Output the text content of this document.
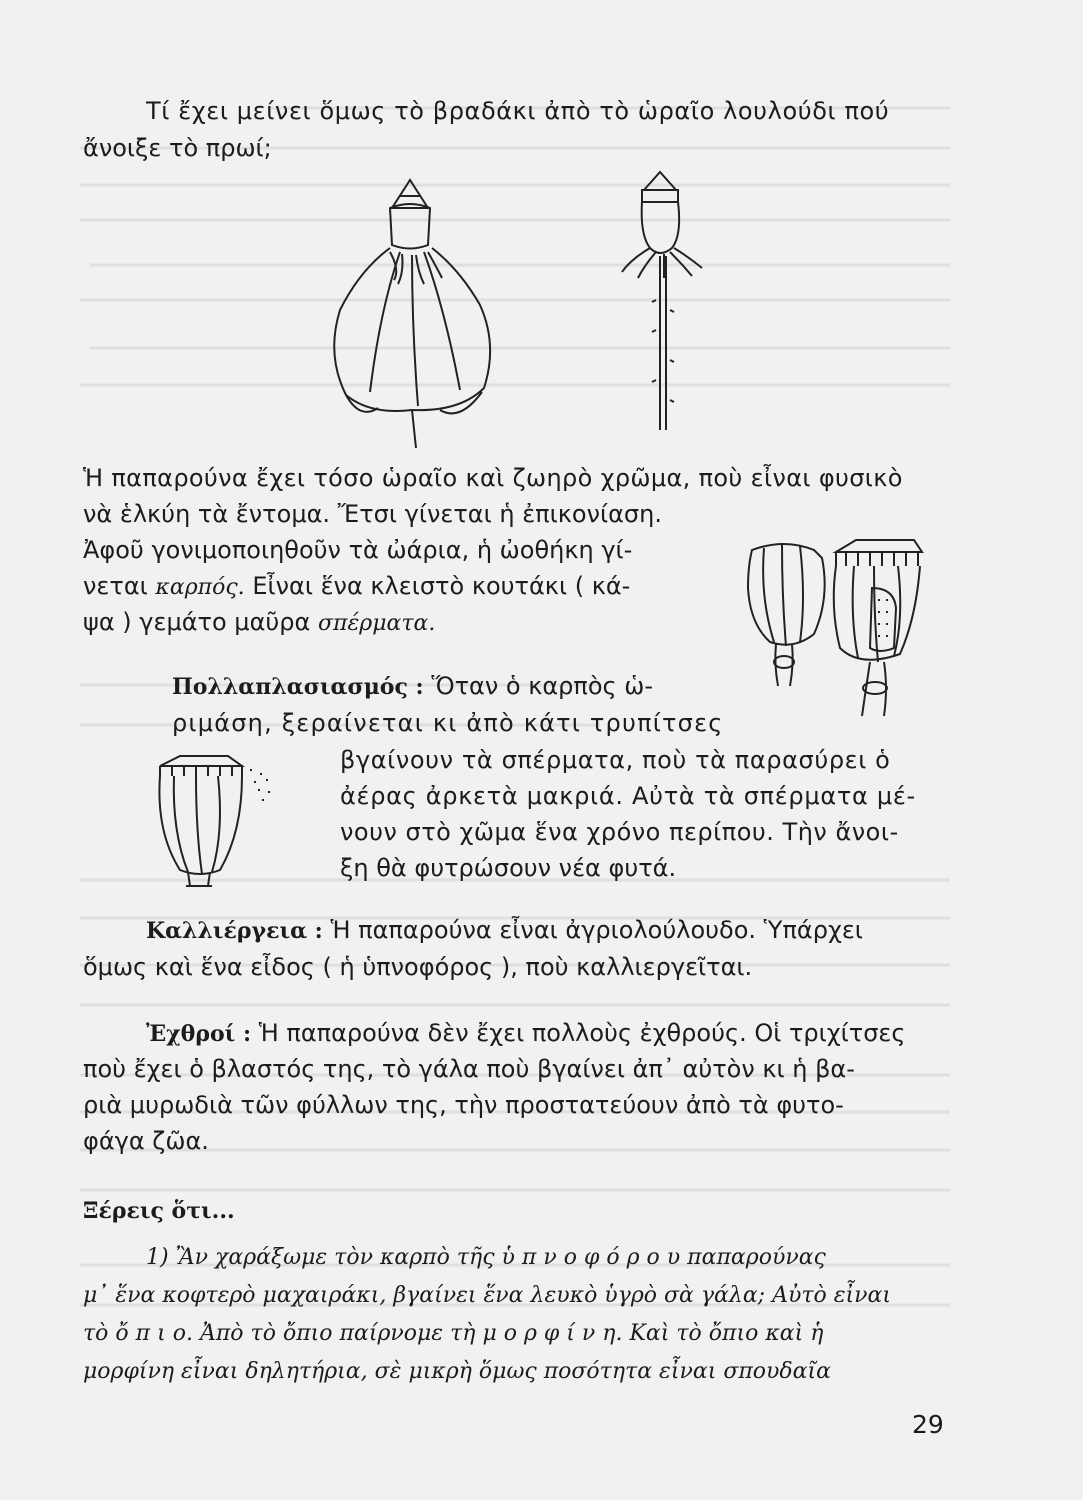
Τί ἔχει μείνει ὅμως τὸ βραδάκι ἀπὸ τὸ ὡραῖο λουλούδι πού
ἄνοιξε τὸ πρωί;
Ἡ παπαρούνα ἔχει τόσο ὡραῖο καὶ ζωηρὸ χρῶμα, ποὺ εἶναι φυσικὸ
νὰ ἑλκύη τὰ ἔντομα. Ἔτσι γίνεται ἡ ἐπικονίαση.
Ἀφοῦ γονιμοποιηθοῦν τὰ ὠάρια, ἡ ὠοθήκη γί-
νεται καρπός. Εἶναι ἕνα κλειστὸ κουτάκι ( κά-
ψα ) γεμάτο μαῦρα σπέρματα.
Πολλαπλασιασμός : Ὅταν ὁ καρπὸς ὡ-
ριμάση, ξεραίνεται κι ἀπὸ κάτι τρυπίτσες
βγαίνουν τὰ σπέρματα, ποὺ τὰ παρασύρει ὁ
ἀέρας ἀρκετὰ μακριά. Αὐτὰ τὰ σπέρματα μέ-
νουν στὸ χῶμα ἕνα χρόνο περίπου. Τὴν ἄνοι-
ξη θὰ φυτρώσουν νέα φυτά.
Καλλιέργεια : Ἡ παπαρούνα εἶναι ἀγριολούλουδο. Ὑπάρχει
ὅμως καὶ ἕνα εἶδος ( ἡ ὑπνοφόρος ), ποὺ καλλιεργεῖται.
Ἐχθροί : Ἡ παπαρούνα δὲν ἔχει πολλοὺς ἐχθρούς. Οἱ τριχίτσες
ποὺ ἔχει ὁ βλαστός της, τὸ γάλα ποὺ βγαίνει ἀπ᾽ αὐτὸν κι ἡ βα-
ριὰ μυρωδιὰ τῶν φύλλων της, τὴν προστατεύουν ἀπὸ τὰ φυτο-
φάγα ζῶα.
Ξέρεις ὅτι...
1) Ἂν χαράξωμε τὸν καρπὸ τῆς ὑ π ν ο φ ό ρ ο υ παπαρούνας
μ᾽ ἕνα κοφτερὸ μαχαιράκι, βγαίνει ἕνα λευκὸ ὑγρὸ σὰ γάλα; Αὐτὸ εἶναι
τὸ ὄ π ι ο. Ἀπὸ τὸ ὄπιο παίρνομε τὴ μ ο ρ φ ί ν η. Καὶ τὸ ὄπιο καὶ ἡ
μορφίνη εἶναι δηλητήρια, σὲ μικρὴ ὅμως ποσότητα εἶναι σπουδαῖα
29
